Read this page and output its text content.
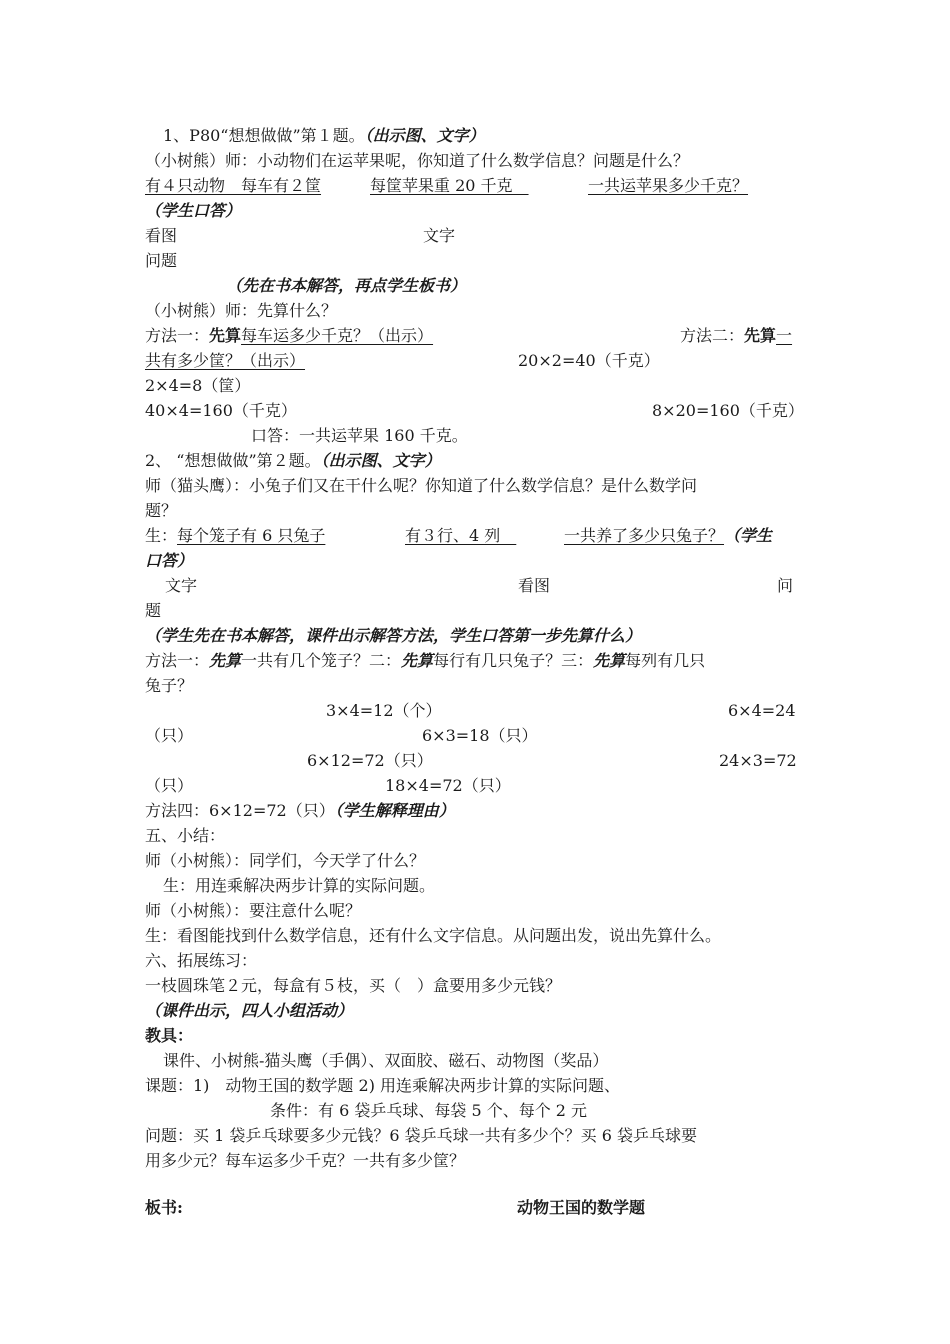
1、P80“想想做做”第１题。（出示图、文字）
（小树熊）师：小动物们在运苹果呢，你知道了什么数学信息？问题是什么？
有４只动物　每车有２筐	每筐苹果重 20 千克　	一共运苹果多少千克？
（学生口答）
看图	文字
问题
（先在书本解答，再点学生板书）
（小树熊）师：先算什么？
方法一：先算每车运多少千克？（出示）	方法二：先算一
共有多少筐？（出示）	20×2=40（千克）
2×4=8（筐）
40×4=160（千克）	8×20=160（千克）
口答：一共运苹果 160 千克。
2、 “想想做做”第２题。（出示图、文字）
师（猫头鹰）：小兔子们又在干什么呢？你知道了什么数学信息？是什么数学问
题？
生：每个笼子有 6 只兔子	有３行、4 列　	一共养了多少只兔子？（学生
口答）
文字	看图	问
题
（学生先在书本解答，课件出示解答方法，学生口答第一步先算什么）
方法一：先算一共有几个笼子？二：先算每行有几只兔子？三：先算每列有几只
兔子？
3×4=12（个）	6×4=24
（只）	6×3=18（只）
6×12=72（只）	24×3=72
（只）	18×4=72（只）
方法四：6×12=72（只）（学生解释理由）
五、小结：
师（小树熊）：同学们，今天学了什么？
生：用连乘解决两步计算的实际问题。
师（小树熊）：要注意什么呢？
生：看图能找到什么数学信息，还有什么文字信息。从问题出发，说出先算什么。
六、拓展练习：
一枝圆珠笔２元，每盒有５枝，买（　）盒要用多少元钱？
（课件出示，四人小组活动）
教具：
课件、小树熊-猫头鹰（手偶）、双面胶、磁石、动物图（奖品）
课题：1)　动物王国的数学题 2) 用连乘解决两步计算的实际问题、
条件：有 6 袋乒乓球、每袋 5 个、每个 2 元
问题：买 1 袋乒乓球要多少元钱？6 袋乒乓球一共有多少个？买 6 袋乒乓球要
用多少元？每车运多少千克？一共有多少筐？
板书:	动物王国的数学题
